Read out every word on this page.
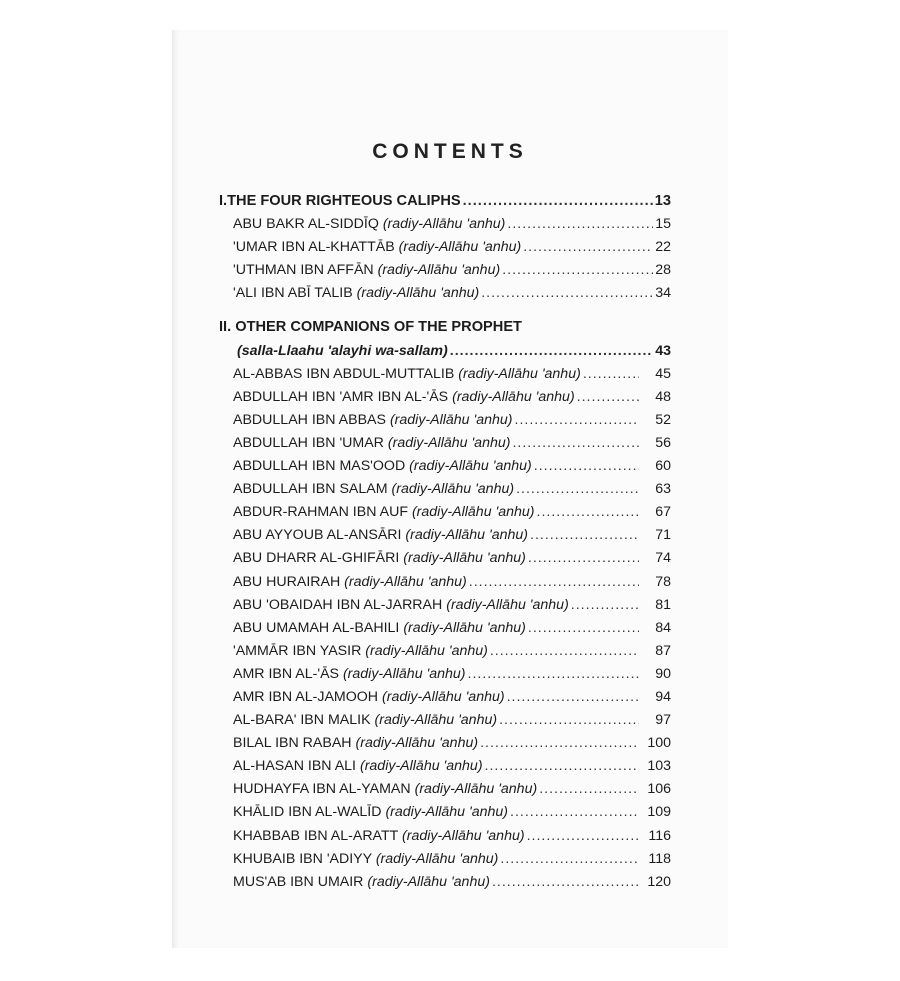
CONTENTS
I.THE FOUR RIGHTEOUS CALIPHS .....	13
ABU BAKR AL-SIDDĪQ (radiy-Allāhu 'anhu) .....	15
'UMAR IBN AL-KHATTĀB (radiy-Allāhu 'anhu) .....	22
'UTHMAN IBN AFFĀN (radiy-Allāhu 'anhu) .....	28
'ALI IBN ABĪ TALIB (radiy-Allāhu 'anhu) .....	34
II. OTHER COMPANIONS OF THE PROPHET
(salla-Llaahu 'alayhi wa-sallam) .....	43
AL-ABBAS IBN ABDUL-MUTTALIB (radiy-Allāhu 'anhu) .....	45
ABDULLAH IBN 'AMR IBN AL-'ĀS (radiy-Allāhu 'anhu) .....	48
ABDULLAH IBN ABBAS (radiy-Allāhu 'anhu) .....	52
ABDULLAH IBN 'UMAR (radiy-Allāhu 'anhu) .....	56
ABDULLAH IBN MAS'OOD (radiy-Allāhu 'anhu) .....	60
ABDULLAH IBN SALAM (radiy-Allāhu 'anhu) .....	63
ABDUR-RAHMAN IBN AUF (radiy-Allāhu 'anhu) .....	67
ABU AYYOUB AL-ANSĀRI (radiy-Allāhu 'anhu) .....	71
ABU DHARR AL-GHIFĀRI (radiy-Allāhu 'anhu) .....	74
ABU HURAIRAH (radiy-Allāhu 'anhu) .....	78
ABU 'OBAIDAH IBN AL-JARRAH (radiy-Allāhu 'anhu) .....	81
ABU UMAMAH AL-BAHILI (radiy-Allāhu 'anhu) .....	84
'AMMĀR IBN YASIR (radiy-Allāhu 'anhu) .....	87
AMR IBN AL-'ĀS (radiy-Allāhu 'anhu) .....	90
AMR IBN AL-JAMOOH (radiy-Allāhu 'anhu) .....	94
AL-BARA' IBN MALIK (radiy-Allāhu 'anhu) .....	97
BILAL IBN RABAH (radiy-Allāhu 'anhu) .....	100
AL-HASAN IBN ALI (radiy-Allāhu 'anhu) .....	103
HUDHAYFA IBN AL-YAMAN (radiy-Allāhu 'anhu) .....	106
KHĀLID IBN AL-WALĪD (radiy-Allāhu 'anhu) .....	109
KHABBAB IBN AL-ARATT (radiy-Allāhu 'anhu) .....	116
KHUBAIB IBN 'ADIYY (radiy-Allāhu 'anhu) .....	118
MUS'AB IBN UMAIR (radiy-Allāhu 'anhu) .....	120
